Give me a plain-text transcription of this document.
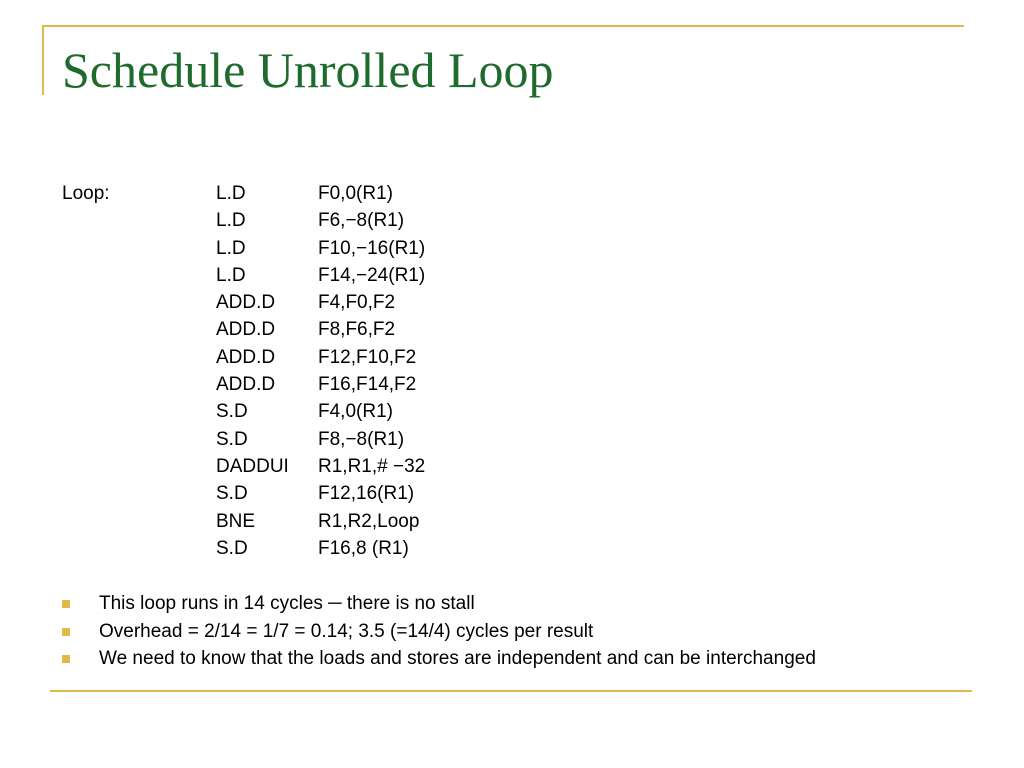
Schedule Unrolled Loop
Loop:	L.D	F0,0(R1)
L.D	F6,−8(R1)
L.D	F10,−16(R1)
L.D	F14,−24(R1)
ADD.D F4,F0,F2
ADD.D F8,F6,F2
ADD.D F12,F10,F2
ADD.D F16,F14,F2
S.D	F4,0(R1)
S.D	F8,−8(R1)
DADDUI R1,R1,# −32
S.D	F12,16(R1)
BNE	R1,R2,Loop
S.D	F16,8 (R1)
This loop runs in 14 cycles ─ there is no stall
Overhead = 2/14 = 1/7 = 0.14; 3.5 (=14/4) cycles per result
We need to know that the loads and stores are independent and can be interchanged
